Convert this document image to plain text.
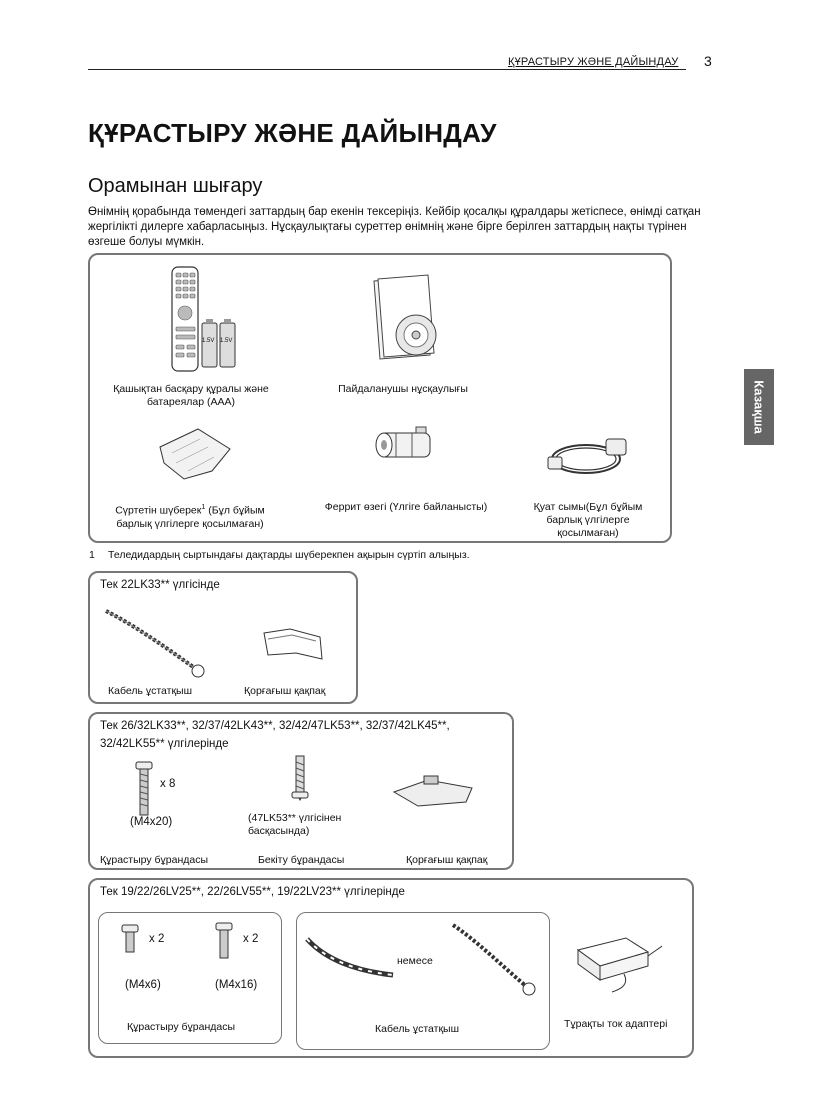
ҚҰРАСТЫРУ ЖӘНЕ ДАЙЫНДАУ 3
ҚҰРАСТЫРУ ЖӘНЕ ДАЙЫНДАУ
Орамынан шығару
Өнімнің қорабында төмендегі заттардың бар екенін тексеріңіз. Кейбір қосалқы құралдары жетіспесе, өнімді сатқан жергілікті дилерге хабарласыңыз. Нұсқаулықтағы суреттер өнімнің және бірге берілген заттардың нақты түрінен өзгеше болуы мүмкін.
Казақша
1.5V 1.5V
Қашықтан басқару құралы және батареялар (AAA)
Пайдаланушы нұсқаулығы
Сүртетін шүберек$^1$ (Бұл бұйым барлық үлгілерге қосылмаған)
Феррит өзегі (Үлгіге байланысты)	Қуат сымы(Бұл бұйым барлық үлгілерге қосылмаған)
1 Теледидардың сыртындағы дақтарды шүберекпен ақырын сүртіп алыңыз.
Тек 22LK33** үлгісінде
Кабель ұстатқыш	Қорғағыш қақпақ
Тек 26/32LK33**, 32/37/42LK43**, 32/42/47LK53**, 32/37/42LK45**,
32/42LK55** үлгілерінде
x 8
(M4x20)	(47LK53** үлгісінен басқасында)
Құрастыру бұрандасы	Бекіту бұрандасы	Қорғағыш қақпақ
Тек 19/22/26LV25**, 22/26LV55**, 19/22LV23** үлгілерінде
x 2	x 2
(M4x6)	(M4x16)
Құрастыру бұрандасы
немесе
Кабель ұстатқыш	Тұрақты ток адаптері
